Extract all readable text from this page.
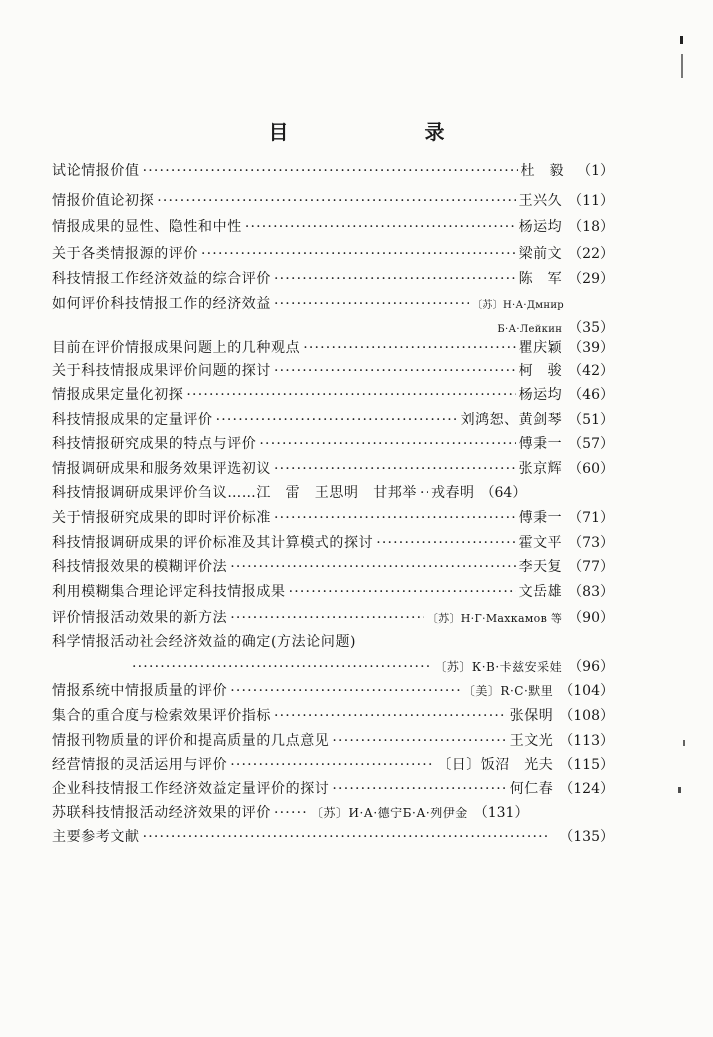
目　录
试论情报价值 ·····	杜　毅 （1）
情报价值论初探 ·····	王兴久 （11）
情报成果的显性、隐性和中性 ·····	杨运均 （18）
关于各类情报源的评价 ·····	梁前文 （22）
科技情报工作经济效益的综合评价 ·····	陈　军 （29）
如何评价科技情报工作的经济效益 ·····	〔苏〕Н·А·Дмнир
Б·А·Лейкин （35）
目前在评价情报成果问题上的几种观点 ·····	瞿庆颖 （39）
关于科技情报成果评价问题的探讨 ·····	柯　骏 （42）
情报成果定量化初探 ·····	杨运均 （46）
科技情报成果的定量评价 ·····	刘鸿恕、黄剑琴 （51）
科技情报研究成果的特点与评价 ·····	傅秉一 （57）
情报调研成果和服务效果评选初议 ·····	张京辉 （60）
科技情报调研成果评价刍议……江　雷　王思明　甘邦举 ····· 戎春明 （64）
关于情报研究成果的即时评价标准 ·····	傅秉一 （71）
科技情报调研成果的评价标准及其计算模式的探讨 ·····	霍文平 （73）
科技情报效果的模糊评价法 ·····	李天复 （77）
利用模糊集合理论评定科技情报成果 ·····	文岳雄 （83）
评价情报活动效果的新方法 ·····	〔苏〕Н·Г·Махкамов 等 （90）
科学情报活动社会经济效益的确定(方法论问题)
·····
〔苏〕К·В·卡兹安采娃 （96）
情报系统中情报质量的评价 ·····	〔美〕R·C·默里 （104）
集合的重合度与检索效果评价指标 ·····	张保明 （108）
情报刊物质量的评价和提高质量的几点意见 ·····	王文光 （113）
经营情报的灵活运用与评价 ·····	〔日〕饭沼　光夫 （115）
企业科技情报工作经济效益定量评价的探讨 ·····	何仁春 （124）
苏联科技情报活动经济效果的评价 ·····	〔苏〕И·А·德宁Б·А·列伊金 （131）
主要参考文献 ·····	（135）
